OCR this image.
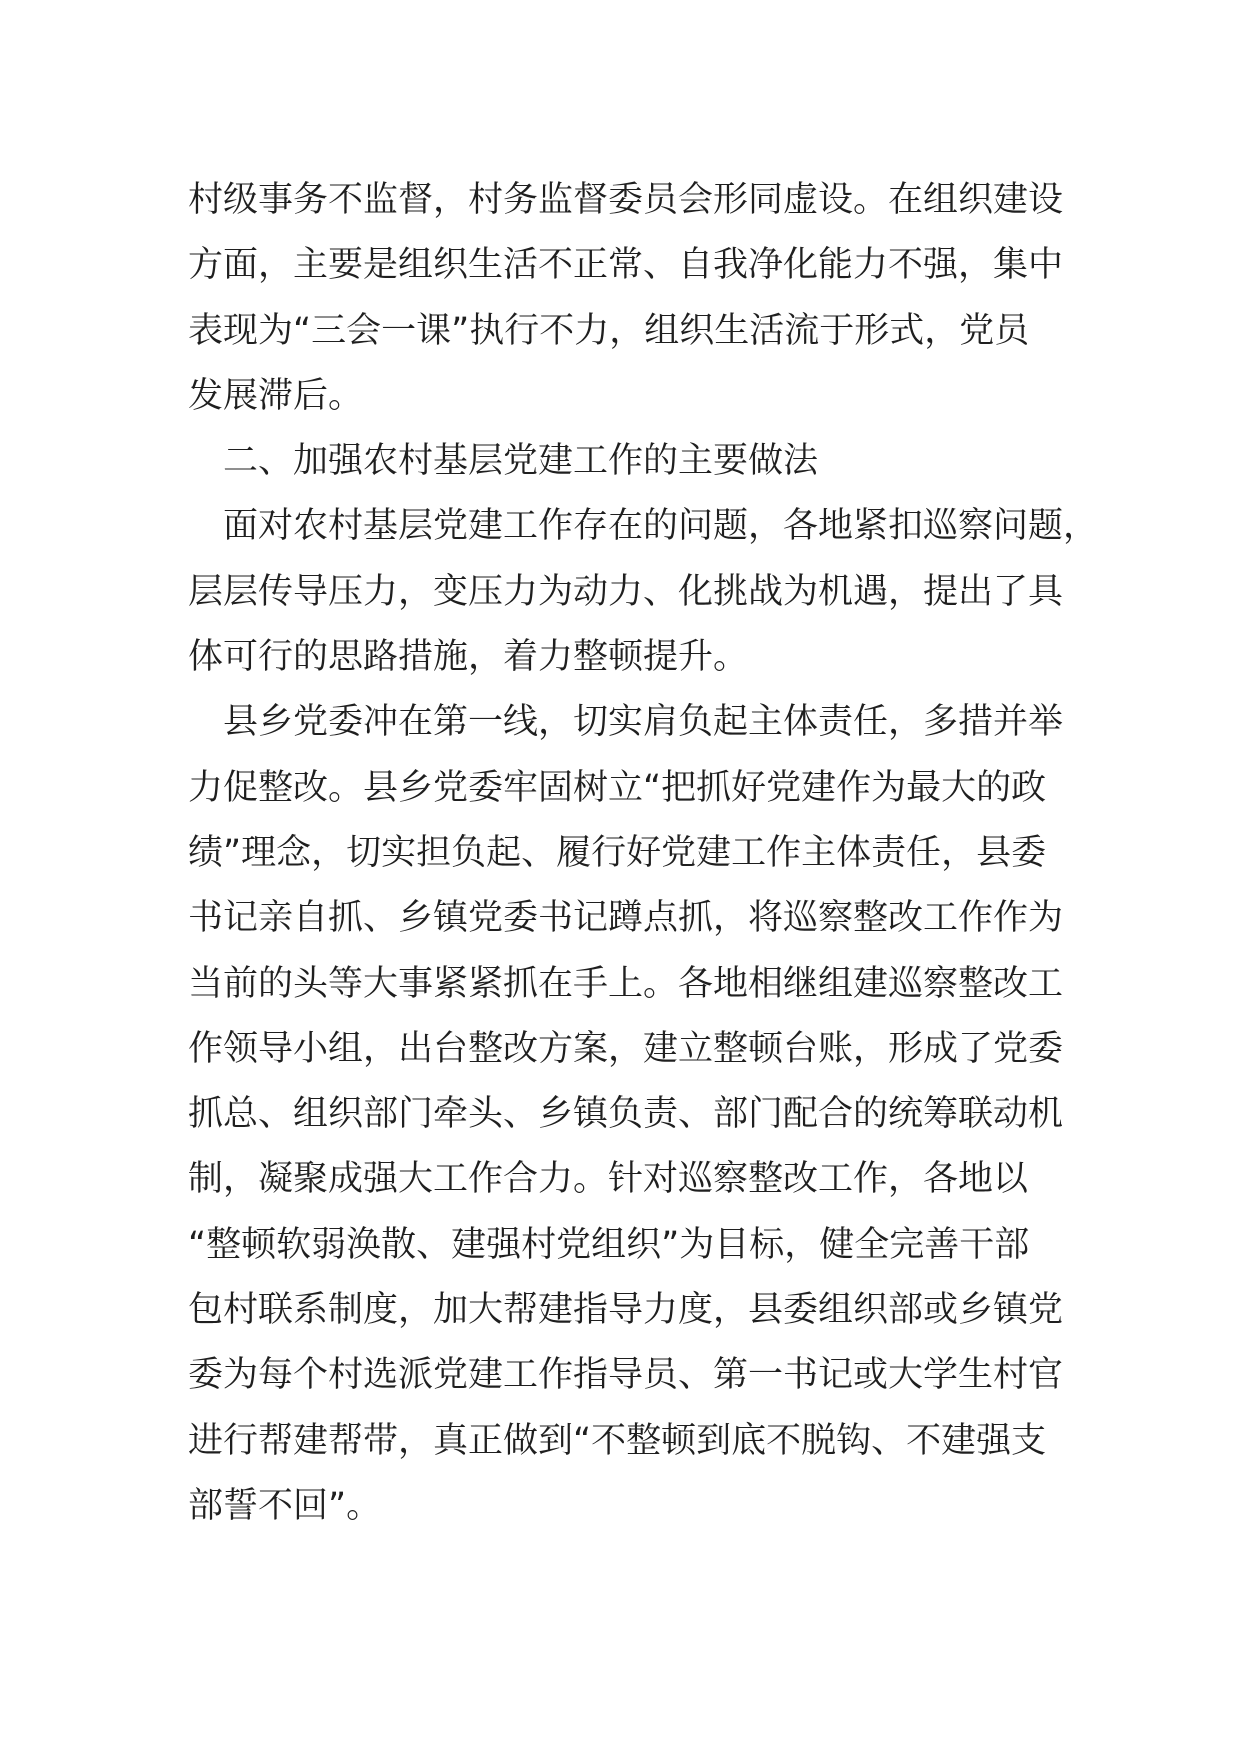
村级事务不监督，村务监督委员会形同虚设。在组织建设
方面，主要是组织生活不正常、自我净化能力不强，集中
表现为“三会一课”执行不力，组织生活流于形式，党员
发展滞后。
　二、加强农村基层党建工作的主要做法
　面对农村基层党建工作存在的问题，各地紧扣巡察问题，
层层传导压力，变压力为动力、化挑战为机遇，提出了具
体可行的思路措施，着力整顿提升。
　县乡党委冲在第一线，切实肩负起主体责任，多措并举
力促整改。县乡党委牢固树立“把抓好党建作为最大的政
绩”理念，切实担负起、履行好党建工作主体责任，县委
书记亲自抓、乡镇党委书记蹲点抓，将巡察整改工作作为
当前的头等大事紧紧抓在手上。各地相继组建巡察整改工
作领导小组，出台整改方案，建立整顿台账，形成了党委
抓总、组织部门牵头、乡镇负责、部门配合的统筹联动机
制，凝聚成强大工作合力。针对巡察整改工作，各地以
“整顿软弱涣散、建强村党组织”为目标，健全完善干部
包村联系制度，加大帮建指导力度，县委组织部或乡镇党
委为每个村选派党建工作指导员、第一书记或大学生村官
进行帮建帮带，真正做到“不整顿到底不脱钩、不建强支
部誓不回”。
